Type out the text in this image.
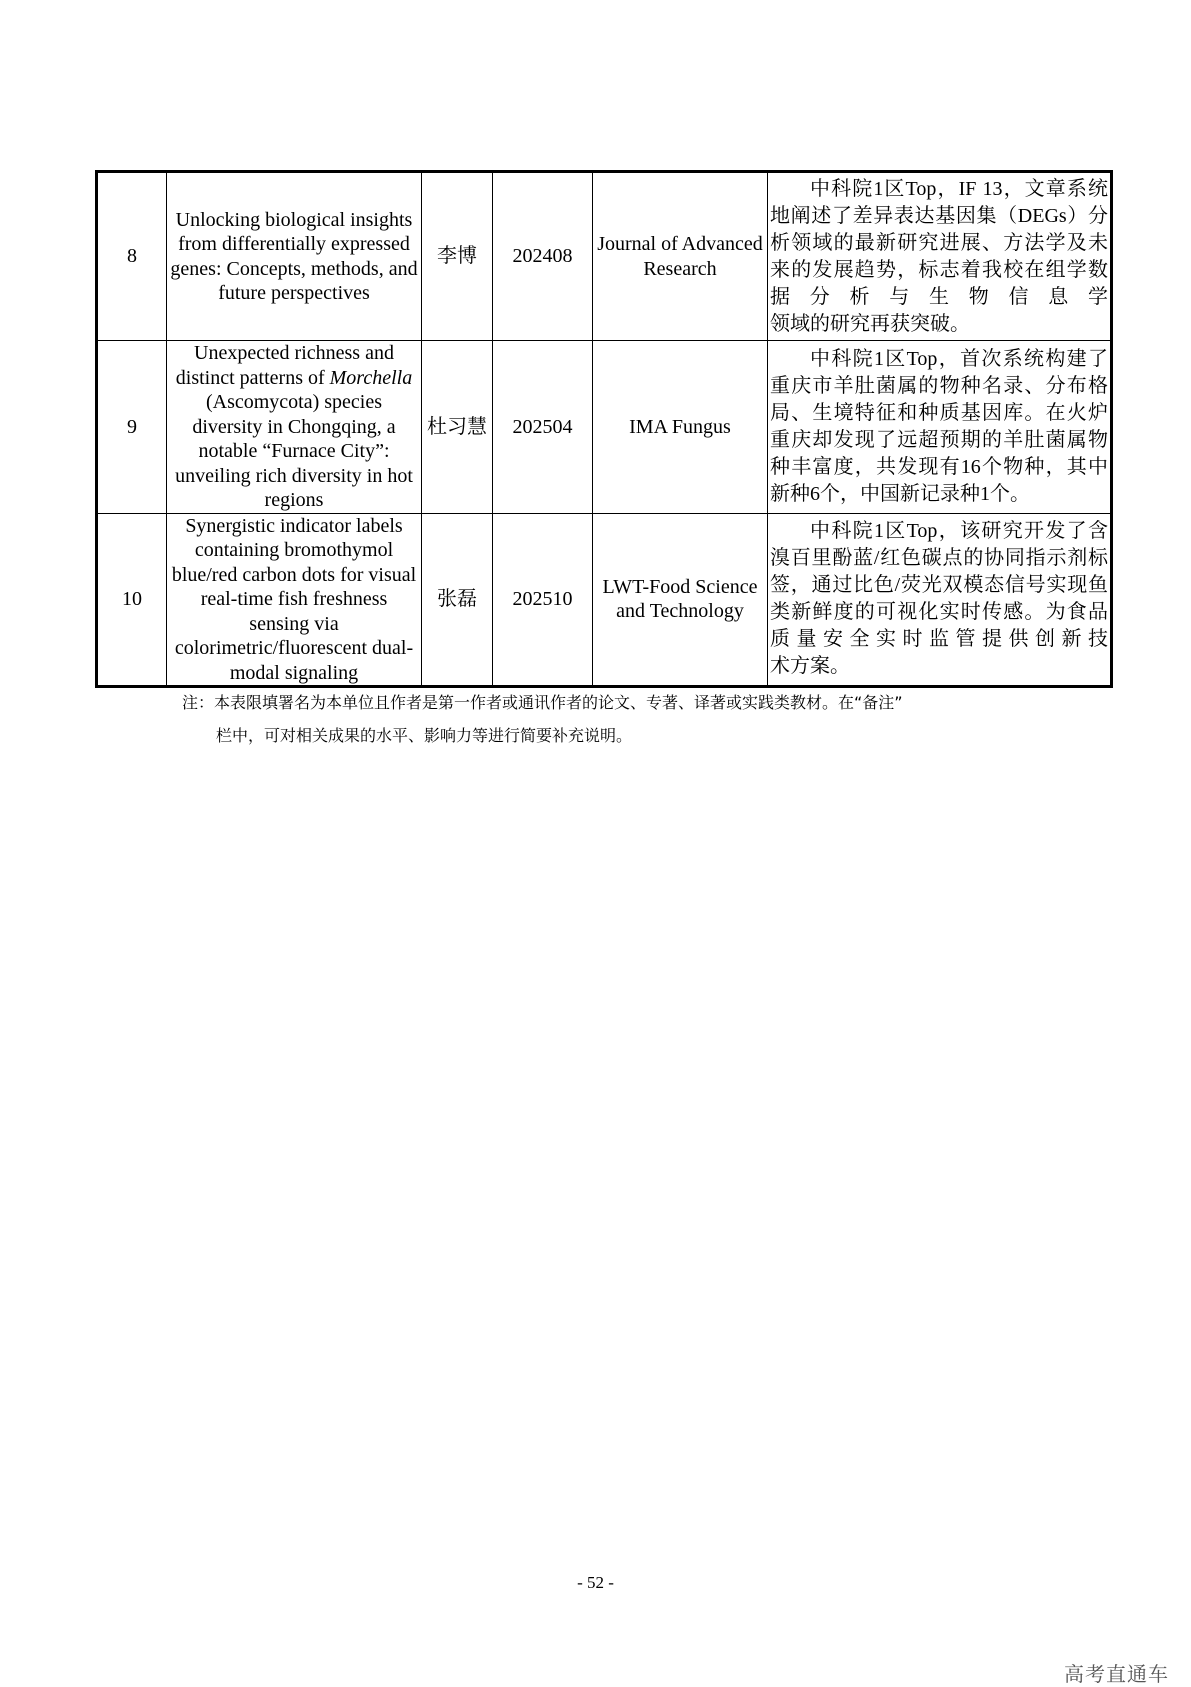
8	Unlocking biological insights from differentially expressed genes: Concepts, methods, and future perspectives	李博	202408	Journal of Advanced Research	中科院1区Top，IF 13，文章系统地阐述了差异表达基因集（DEGs）分析领域的最新研究进展、方法学及未来的发展趋势，标志着我校在组学数据分析与生物信息学
领域的研究再获突破。

9	Unexpected richness and distinct patterns of Morchella (Ascomycota) species diversity in Chongqing, a notable “Furnace City”: unveiling rich diversity in hot regions	杜习慧	202504	IMA Fungus	中科院1区Top，首次系统构建了重庆市羊肚菌属的物种名录、分布格局、生境特征和种质基因库。在火炉重庆却发现了远超预期的羊肚菌属物种丰富度，共发现有16个物种，其中
新种6个，中国新记录种1个。

10	Synergistic indicator labels containing bromothymol blue/red carbon dots for visual real-time fish freshness sensing via colorimetric/fluorescent dual-modal signaling	张磊	202510	LWT-Food Science and Technology	中科院1区Top，该研究开发了含溴百里酚蓝/红色碳点的协同指示剂标签，通过比色/荧光双模态信号实现鱼类新鲜度的可视化实时传感。为食品质量安全实时监管提供创新技
术方案。
注：本表限填署名为本单位且作者是第一作者或通讯作者的论文、专著、译著或实践类教材。在“备注”
栏中，可对相关成果的水平、影响力等进行简要补充说明。
- 52 -
高考直通车
